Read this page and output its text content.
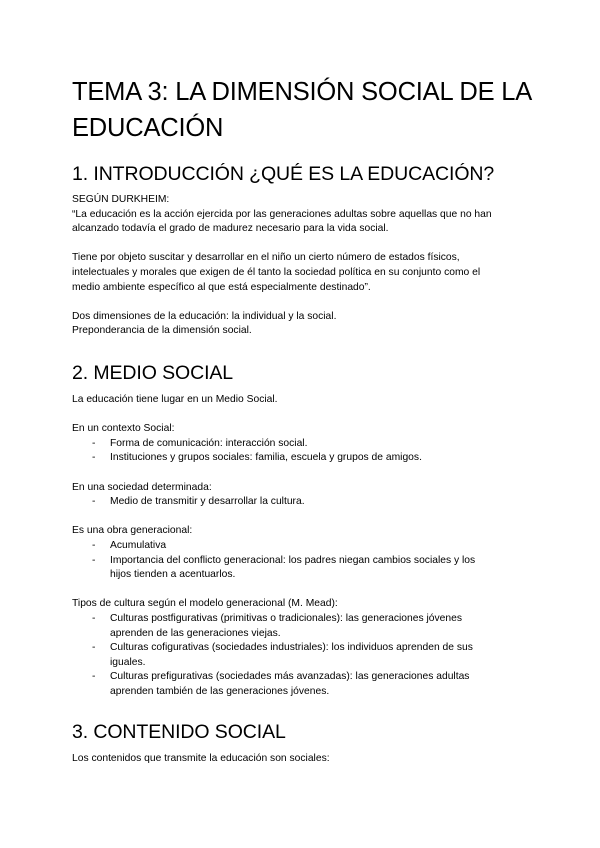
TEMA 3: LA DIMENSIÓN SOCIAL DE LA EDUCACIÓN
1. INTRODUCCIÓN ¿QUÉ ES LA EDUCACIÓN?

SEGÚN DURKHEIM:

“La educación es la acción ejercida por las generaciones adultas sobre aquellas que no han

alcanzado todavía el grado de madurez necesario para la vida social.

Tiene por objeto suscitar y desarrollar en el niño un cierto número de estados físicos,

intelectuales y morales que exigen de él tanto la sociedad política en su conjunto como el

medio ambiente específico al que está especialmente destinado”.

Dos dimensiones de la educación: la individual y la social.

Preponderancia de la dimensión social.

2. MEDIO SOCIAL

La educación tiene lugar en un Medio Social.

En un contexto Social:

- Forma de comunicación: interacción social.
- Instituciones y grupos sociales: familia, escuela y grupos de amigos.

En una sociedad determinada:

- Medio de transmitir y desarrollar la cultura.

Es una obra generacional:

- Acumulativa
- Importancia del conflicto generacional: los padres niegan cambios sociales y los
hijos tienden a acentuarlos.

Tipos de cultura según el modelo generacional (M. Mead):

- Culturas postfigurativas (primitivas o tradicionales): las generaciones jóvenes
aprenden de las generaciones viejas.
- Culturas cofigurativas (sociedades industriales): los individuos aprenden de sus
iguales.
- Culturas prefigurativas (sociedades más avanzadas): las generaciones adultas
aprenden también de las generaciones jóvenes.
3. CONTENIDO SOCIAL

Los contenidos que transmite la educación son sociales:
